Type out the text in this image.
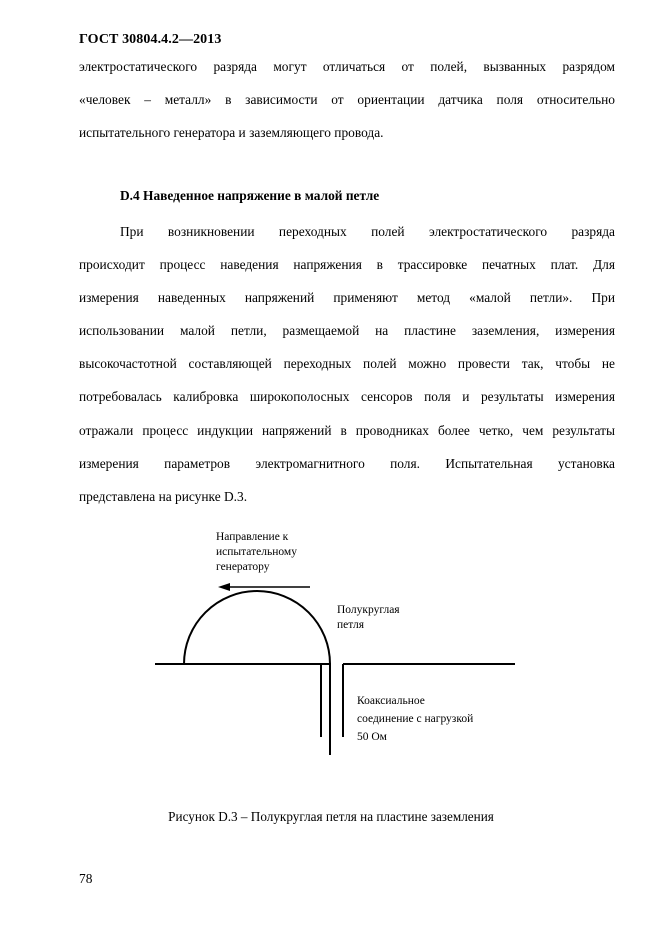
ГОСТ 30804.4.2—2013
электростатического разряда могут отличаться от полей, вызванных разрядом
«человек – металл» в зависимости от ориентации датчика поля относительно
испытательного генератора и заземляющего провода.
D.4 Наведенное напряжение в малой петле
При возникновении переходных полей электростатического разряда
происходит процесс наведения напряжения в трассировке печатных плат. Для
измерения наведенных напряжений применяют метод «малой петли». При
использовании малой петли, размещаемой на пластине заземления, измерения
высокочастотной составляющей переходных полей можно провести так, чтобы не
потребовалась калибровка широкополосных сенсоров поля и результаты измерения
отражали процесс индукции напряжений в проводниках более четко, чем результаты
измерения параметров электромагнитного поля. Испытательная установка
представлена на рисунке D.3.
Направление к
испытательному
генератору
Полукруглая
петля
Коаксиальное
соединение с нагрузкой
50 Ом
Рисунок D.3 – Полукруглая петля на пластине заземления
78
